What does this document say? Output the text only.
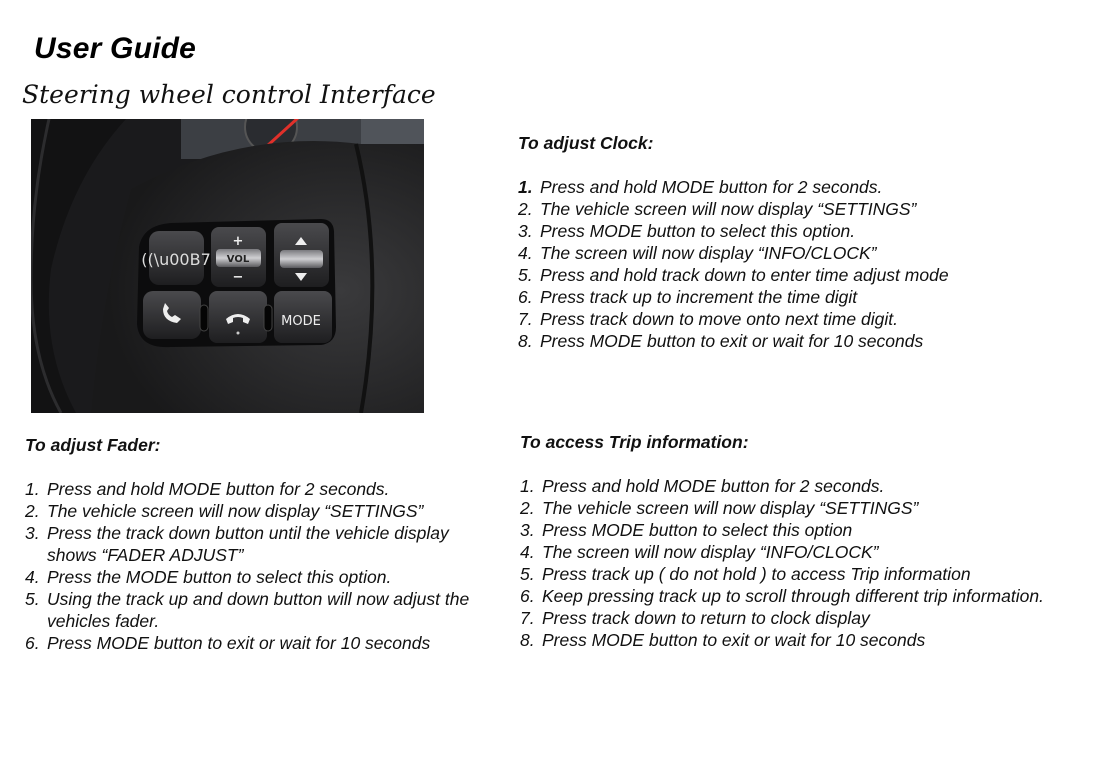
User Guide
Steering wheel control Interface
((\u00B7
+
VOL
−
MODE
To adjust Clock:
1. Press and hold MODE button for 2 seconds.
2. The vehicle screen will now display “SETTINGS”
3. Press MODE button to select this option.
4. The screen will now display “INFO/CLOCK”
5. Press and hold track down to enter time adjust mode
6. Press track up to increment the time digit
7. Press track down to move onto next time digit.
8. Press MODE button to exit or wait for 10 seconds
To adjust Fader:
1. Press and hold MODE button for 2 seconds.
2. The vehicle screen will now display “SETTINGS”
3. Press the track down button until the vehicle display shows “FADER ADJUST”
4. Press the MODE button to select this option.
5. Using the track up and down button will now adjust the vehicles fader.
6. Press MODE button to exit or wait for 10 seconds
To access Trip information:
1. Press and hold MODE button for 2 seconds.
2. The vehicle screen will now display “SETTINGS”
3. Press MODE button to select this option
4. The screen will now display “INFO/CLOCK”
5. Press track up ( do not hold ) to access Trip information
6. Keep pressing track up to scroll through different trip information.
7. Press track down to return to clock display
8. Press MODE button to exit or wait for 10 seconds
